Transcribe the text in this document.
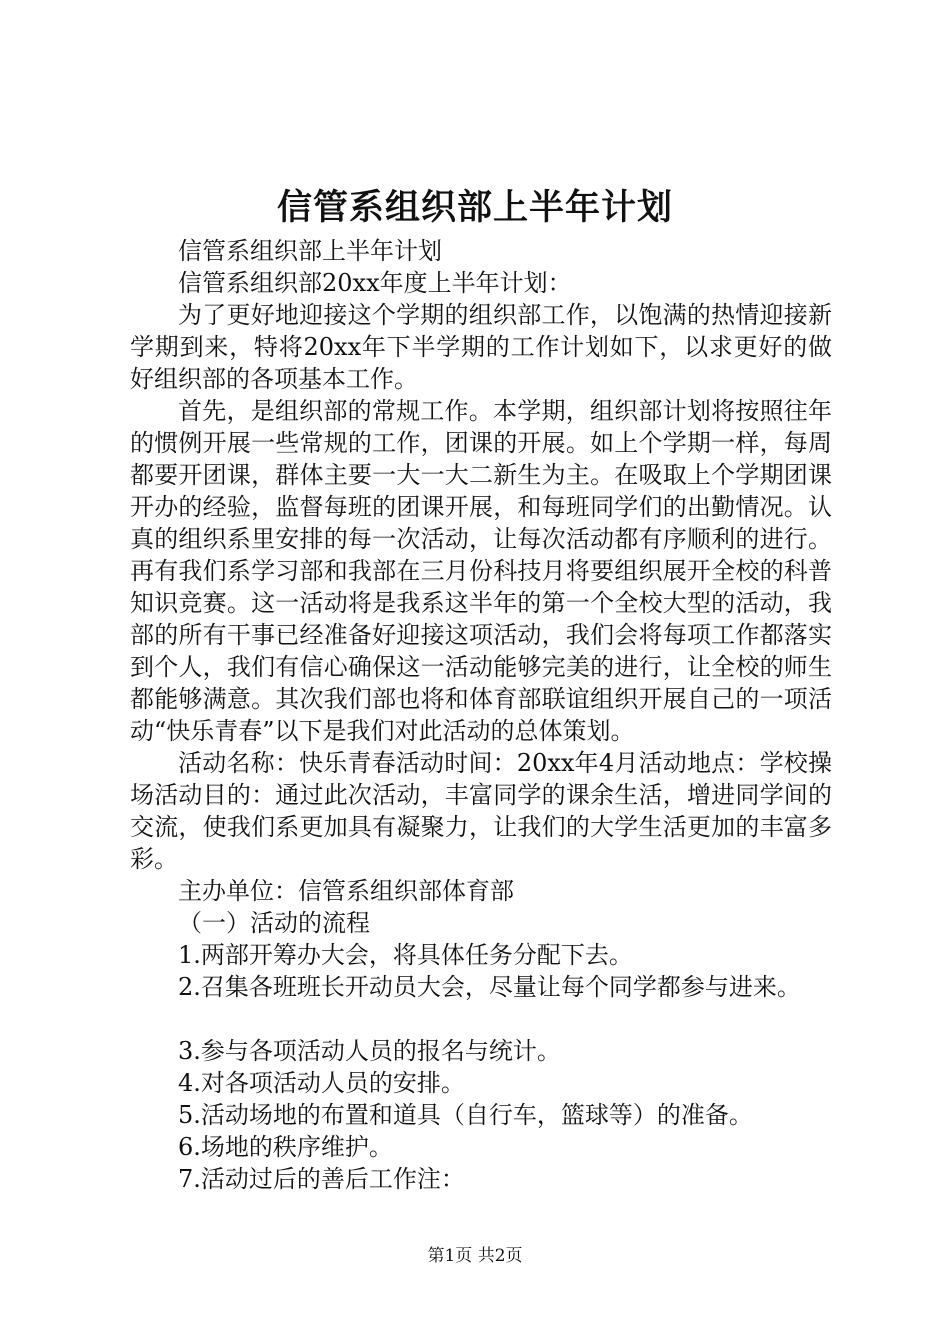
信管系组织部上半年计划

信管系组织部上半年计划

信管系组织部20xx年度上半年计划：

为了更好地迎接这个学期的组织部工作，以饱满的热情迎接新学期到来，特将20xx年下半学期的工作计划如下，以求更好的做好组织部的各项基本工作。

首先，是组织部的常规工作。本学期，组织部计划将按照往年的惯例开展一些常规的工作，团课的开展。如上个学期一样，每周都要开团课，群体主要一大一大二新生为主。在吸取上个学期团课开办的经验，监督每班的团课开展，和每班同学们的出勤情况。认真的组织系里安排的每一次活动，让每次活动都有序顺利的进行。再有我们系学习部和我部在三月份科技月将要组织展开全校的科普知识竞赛。这一活动将是我系这半年的第一个全校大型的活动，我部的所有干事已经准备好迎接这项活动，我们会将每项工作都落实到个人，我们有信心确保这一活动能够完美的进行，让全校的师生都能够满意。其次我们部也将和体育部联谊组织开展自己的一项活动“快乐青春”以下是我们对此活动的总体策划。

活动名称：快乐青春活动时间：20xx年4月活动地点：学校操场活动目的：通过此次活动，丰富同学的课余生活，增进同学间的交流，使我们系更加具有凝聚力，让我们的大学生活更加的丰富多彩。

主办单位：信管系组织部体育部

（一）活动的流程

1.两部开筹办大会，将具体任务分配下去。

2.召集各班班长开动员大会，尽量让每个同学都参与进来。

3.参与各项活动人员的报名与统计。

4.对各项活动人员的安排。

5.活动场地的布置和道具（自行车，篮球等）的准备。

6.场地的秩序维护。

7.活动过后的善后工作注：

第1页 共2页
